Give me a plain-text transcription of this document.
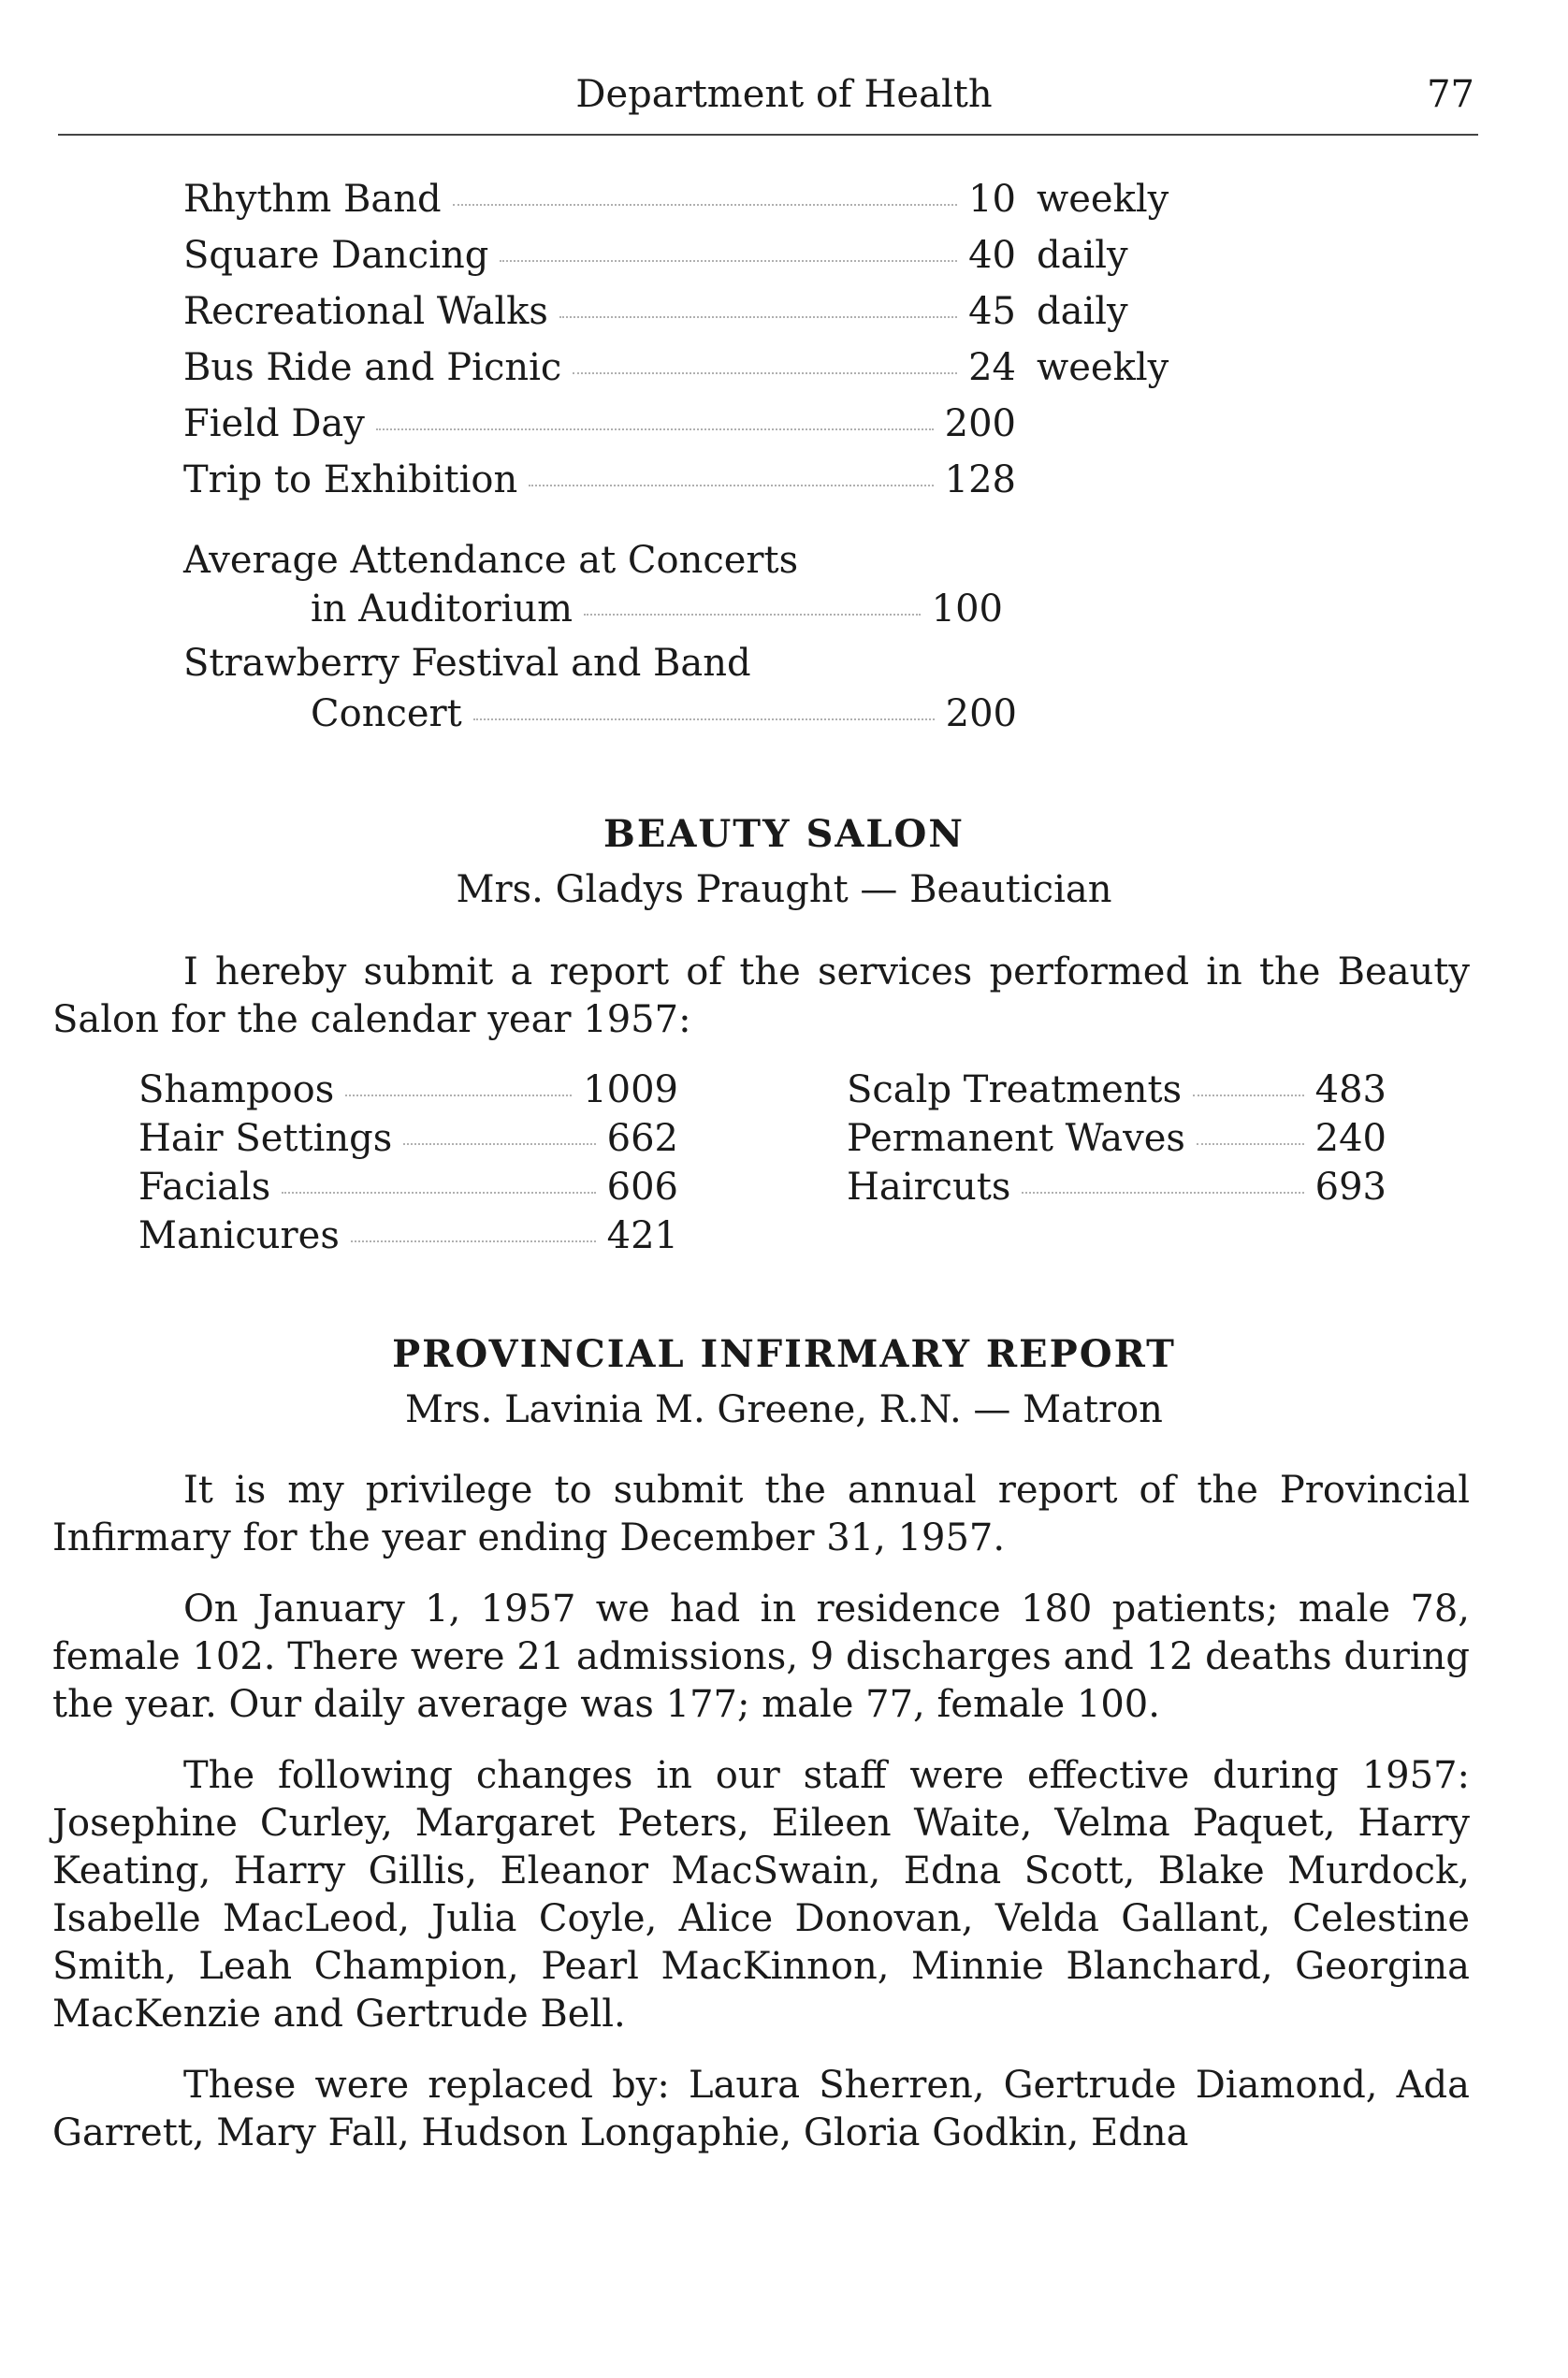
Department of Health	77
Rhythm Band	10 weekly
Square Dancing	40 daily
Recreational Walks	45 daily
Bus Ride and Picnic	24 weekly
Field Day	200
Trip to Exhibition	128
Average Attendance at Concerts
in Auditorium	100
Strawberry Festival and Band
Concert	200
BEAUTY SALON
Mrs. Gladys Praught — Beautician

I hereby submit a report of the services performed in the Beauty Salon for the calendar year 1957:

Shampoos	1009
Hair Settings	662
Facials	606
Manicures	421
Scalp Treatments	483
Permanent Waves	240
Haircuts	693
PROVINCIAL INFIRMARY REPORT
Mrs. Lavinia M. Greene, R.N. — Matron

It is my privilege to submit the annual report of the Provincial Infirmary for the year ending December 31, 1957.

On January 1, 1957 we had in residence 180 patients; male 78, female 102. There were 21 admissions, 9 discharges and 12 deaths during the year. Our daily average was 177; male 77, female 100.

The following changes in our staff were effective during 1957: Josephine Curley, Margaret Peters, Eileen Waite, Velma Paquet, Harry Keating, Harry Gillis, Eleanor MacSwain, Edna Scott, Blake Murdock, Isabelle MacLeod, Julia Coyle, Alice Donovan, Velda Gallant, Celestine Smith, Leah Champion, Pearl MacKinnon, Minnie Blanchard, Georgina MacKenzie and Gertrude Bell.

These were replaced by: Laura Sherren, Gertrude Diamond, Ada Garrett, Mary Fall, Hudson Longaphie, Gloria Godkin, Edna
